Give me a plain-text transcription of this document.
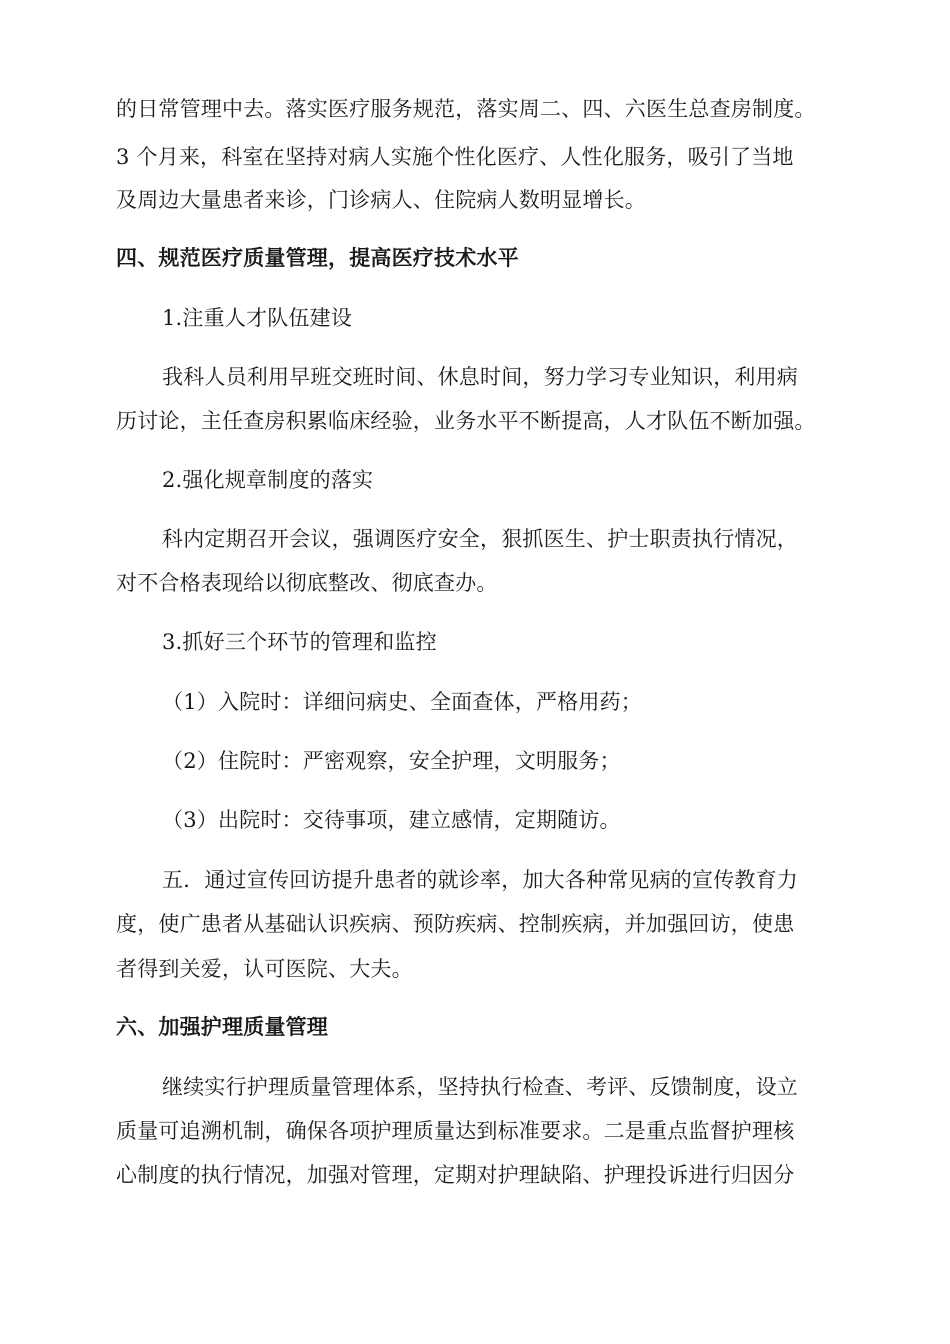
的日常管理中去。落实医疗服务规范，落实周二、四、六医生总查房制度。
3 个月来，科室在坚持对病人实施个性化医疗、人性化服务，吸引了当地
及周边大量患者来诊，门诊病人、住院病人数明显增长。
四、规范医疗质量管理，提高医疗技术水平
1.注重人才队伍建设
我科人员利用早班交班时间、休息时间，努力学习专业知识，利用病
历讨论，主任查房积累临床经验，业务水平不断提高，人才队伍不断加强。
2.强化规章制度的落实
科内定期召开会议，强调医疗安全，狠抓医生、护士职责执行情况，
对不合格表现给以彻底整改、彻底查办。
3.抓好三个环节的管理和监控
（1）入院时：详细问病史、全面查体，严格用药；
（2）住院时：严密观察，安全护理，文明服务；
（3）出院时：交待事项，建立感情，定期随访。
五．通过宣传回访提升患者的就诊率，加大各种常见病的宣传教育力
度，使广患者从基础认识疾病、预防疾病、控制疾病，并加强回访，使患
者得到关爱，认可医院、大夫。
六、加强护理质量管理
继续实行护理质量管理体系，坚持执行检查、考评、反馈制度，设立
质量可追溯机制，确保各项护理质量达到标准要求。二是重点监督护理核
心制度的执行情况，加强对管理，定期对护理缺陷、护理投诉进行归因分
